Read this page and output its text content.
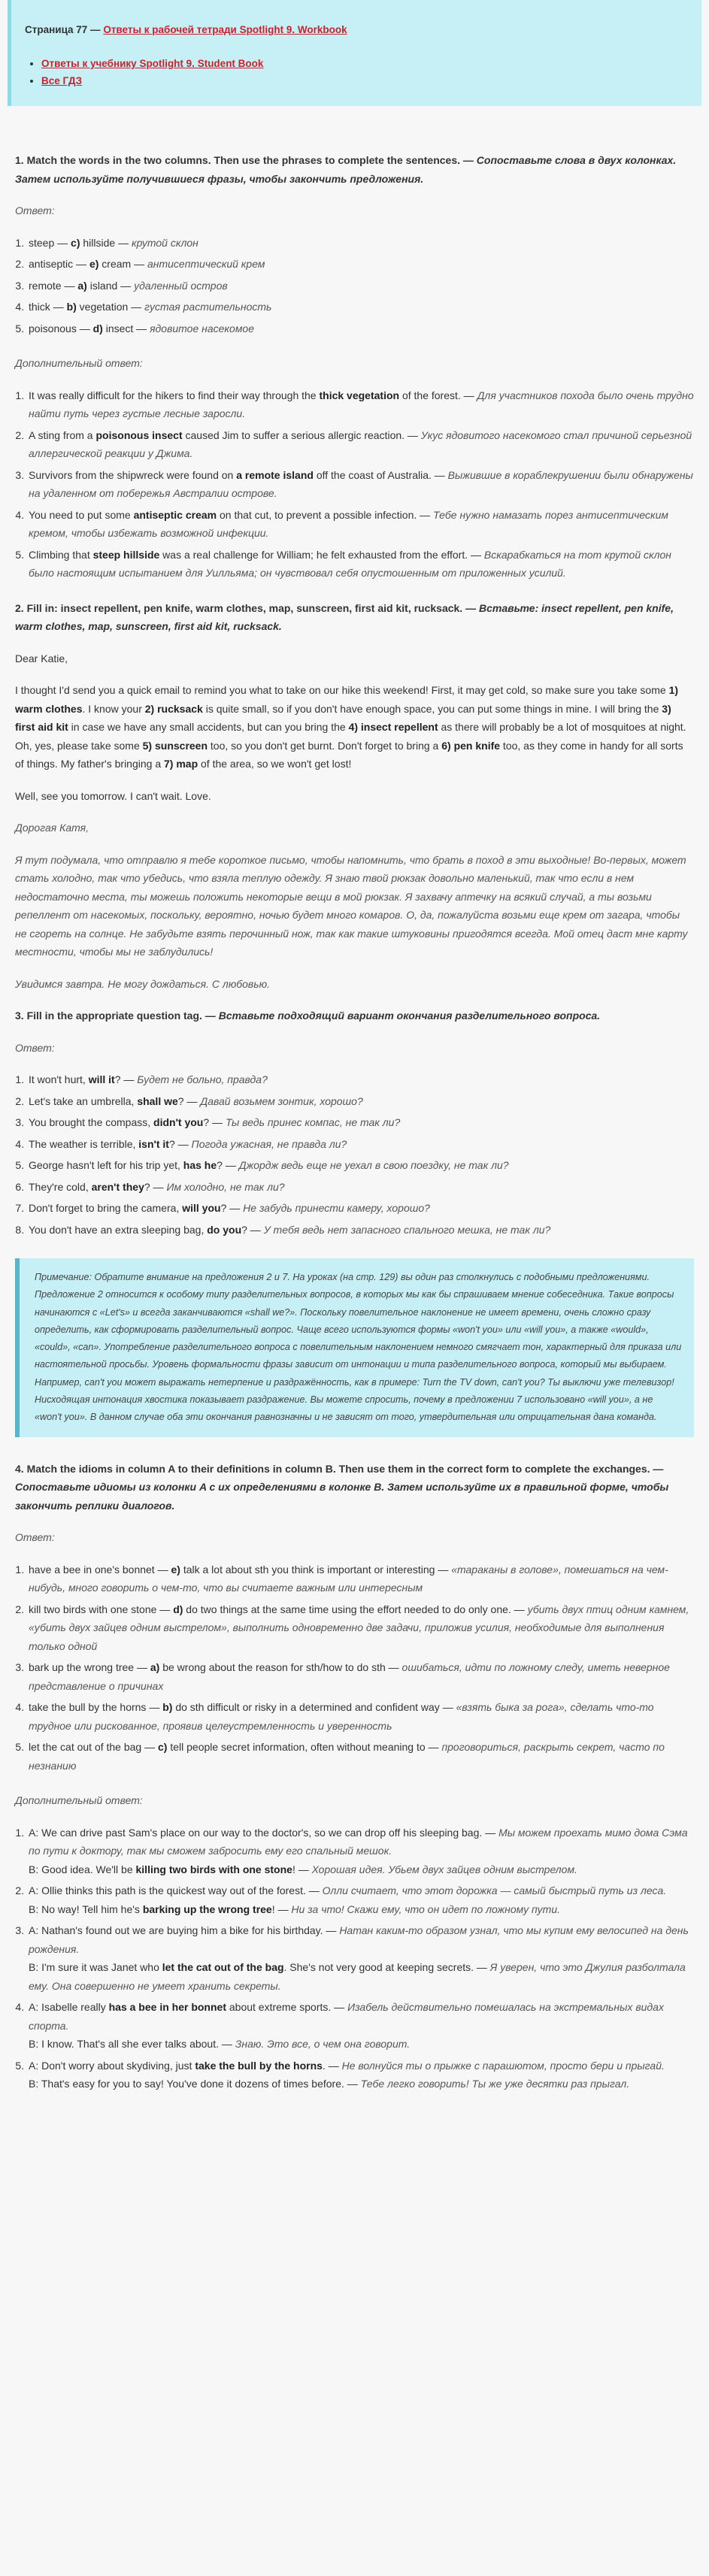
Страница 77 — Ответы к рабочей тетради Spotlight 9. Workbook
• Ответы к учебнику Spotlight 9. Student Book
• Все ГДЗ

1. Match the words in the two columns. Then use the phrases to complete the sentences. — Сопоставьте слова в двух колонках. Затем используйте получившиеся фразы, чтобы закончить предложения.

Ответ:

1. steep — c) hillside — крутой склон
2. antiseptic — e) cream — антисептический крем
3. remote — a) island — удаленный остров
4. thick — b) vegetation — густая растительность
5. poisonous — d) insect — ядовитое насекомое

Дополнительный ответ:

1. It was really difficult for the hikers to find their way through the thick vegetation of the forest. — Для участников похода было очень трудно найти путь через густые лесные заросли.
2. A sting from a poisonous insect caused Jim to suffer a serious allergic reaction. — Укус ядовитого насекомого стал причиной серьезной аллергической реакции у Джима.
3. Survivors from the shipwreck were found on a remote island off the coast of Australia. — Выжившие в кораблекрушении были обнаружены на удаленном от побережья Австралии острове.
4. You need to put some antiseptic cream on that cut, to prevent a possible infection. — Тебе нужно намазать порез антисептическим кремом, чтобы избежать возможной инфекции.
5. Climbing that steep hillside was a real challenge for William; he felt exhausted from the effort. — Вскарабкаться на тот крутой склон было настоящим испытанием для Уилльяма; он чувствовал себя опустошенным от приложенных усилий.

2. Fill in: insect repellent, pen knife, warm clothes, map, sunscreen, first aid kit, rucksack. — Вставьте: insect repellent, pen knife, warm clothes, map, sunscreen, first aid kit, rucksack.

Dear Katie,

I thought I'd send you a quick email to remind you what to take on our hike this weekend! First, it may get cold, so make sure you take some 1) warm clothes. I know your 2) rucksack is quite small, so if you don't have enough space, you can put some things in mine. I will bring the 3) first aid kit in case we have any small accidents, but can you bring the 4) insect repellent as there will probably be a lot of mosquitoes at night. Oh, yes, please take some 5) sunscreen too, so you don't get burnt. Don't forget to bring a 6) pen knife too, as they come in handy for all sorts of things. My father's bringing a 7) map of the area, so we won't get lost!

Well, see you tomorrow. I can't wait. Love.

Дорогая Катя,

Я тут подумала, что отправлю я тебе короткое письмо, чтобы напомнить, что брать в поход в эти выходные! Во-первых, может стать холодно, так что убедись, что взяла теплую одежду. Я знаю твой рюкзак довольно маленький, так что если в нем недостаточно места, ты можешь положить некоторые вещи в мой рюкзак. Я захвачу аптечку на всякий случай, а ты возьми репеллент от насекомых, поскольку, вероятно, ночью будет много комаров. О, да, пожалуйста возьми еще крем от загара, чтобы не сгореть на солнце. Не забудьте взять перочинный нож, так как такие штуковины пригодятся всегда. Мой отец даст мне карту местности, чтобы мы не заблудились!

Увидимся завтра. Не могу дождаться. С любовью.

3. Fill in the appropriate question tag. — Вставьте подходящий вариант окончания разделительного вопроса.

Ответ:

1. It won't hurt, will it? — Будет не больно, правда?
2. Let's take an umbrella, shall we? — Давай возьмем зонтик, хорошо?
3. You brought the compass, didn't you? — Ты ведь принес компас, не так ли?
4. The weather is terrible, isn't it? — Погода ужасная, не правда ли?
5. George hasn't left for his trip yet, has he? — Джордж ведь еще не уехал в свою поездку, не так ли?
6. They're cold, aren't they? — Им холодно, не так ли?
7. Don't forget to bring the camera, will you? — Не забудь принести камеру, хорошо?
8. You don't have an extra sleeping bag, do you? — У тебя ведь нет запасного спального мешка, не так ли?
Примечание: Обратите внимание на предложения 2 и 7. На уроках (на стр. 129) вы один раз столкнулись с подобными предложениями. Предложение 2 относится к особому типу разделительных вопросов, в которых мы как бы спрашиваем мнение собеседника. Такие вопросы начинаются с «Let's» и всегда заканчиваются «shall we?». Поскольку повелительное наклонение не имеет времени, очень сложно сразу определить, как сформировать разделительный вопрос. Чаще всего используются формы «won't you» или «will you», а также «would», «could», «can». Употребление разделительного вопроса с повелительным наклонением немного смягчает тон, характерный для приказа или настоятельной просьбы. Уровень формальности фразы зависит от интонации и типа разделительного вопроса, который мы выбираем. Например, can't you может выражать нетерпение и раздражённость, как в примере: Turn the TV down, can't you? Ты выключи уже телевизор! Нисходящая интонация хвостика показывает раздражение. Вы можете спросить, почему в предложении 7 использовано «will you», а не «won't you». В данном случае оба эти окончания равнозначны и не зависят от того, утвердительная или отрицательная дана команда.

4. Match the idioms in column A to their definitions in column B. Then use them in the correct form to complete the exchanges. — Сопоставьте идиомы из колонки A с их определениями в колонке B. Затем используйте их в правильной форме, чтобы закончить реплики диалогов.

Ответ:

1. have a bee in one's bonnet — e) talk a lot about sth you think is important or interesting — «тараканы в голове», помешаться на чем-нибудь, много говорить о чем-то, что вы считаете важным или интересным
2. kill two birds with one stone — d) do two things at the same time using the effort needed to do only one. — убить двух птиц одним камнем, «убить двух зайцев одним выстрелом», выполнить одновременно две задачи, приложив усилия, необходимые для выполнения только одной
3. bark up the wrong tree — a) be wrong about the reason for sth/how to do sth — ошибаться, идти по ложному следу, иметь неверное представление о причинах
4. take the bull by the horns — b) do sth difficult or risky in a determined and confident way — «взять быка за рога», сделать что-то трудное или рискованное, проявив целеустремленность и уверенность
5. let the cat out of the bag — c) tell people secret information, often without meaning to — проговориться, раскрыть секрет, часто по незнанию

Дополнительный ответ:

1. A: We can drive past Sam's place on our way to the doctor's, so we can drop off his sleeping bag. — Мы можем проехать мимо дома Сэма по пути к доктору, так мы сможем забросить ему его спальный мешок.
B: Good idea. We'll be killing two birds with one stone! — Хорошая идея. Убьем двух зайцев одним выстрелом.
2. A: Ollie thinks this path is the quickest way out of the forest. — Олли считает, что этот дорожка — самый быстрый путь из леса.
B: No way! Tell him he's barking up the wrong tree! — Ни за что! Скажи ему, что он идет по ложному пути.
3. A: Nathan's found out we are buying him a bike for his birthday. — Натан каким-то образом узнал, что мы купим ему велосипед на день рождения.
B: I'm sure it was Janet who let the cat out of the bag. She's not very good at keeping secrets. — Я уверен, что это Джулия разболтала ему. Она совершенно не умеет хранить секреты.
4. A: Isabelle really has a bee in her bonnet about extreme sports. — Изабель действительно помешалась на экстремальных видах спорта.
B: I know. That's all she ever talks about. — Знаю. Это все, о чем она говорит.
5. A: Don't worry about skydiving, just take the bull by the horns. — Не волнуйся ты о прыжке с парашютом, просто бери и прыгай.
B: That's easy for you to say! You've done it dozens of times before. — Тебе легко говорить! Ты же уже десятки раз прыгал.
